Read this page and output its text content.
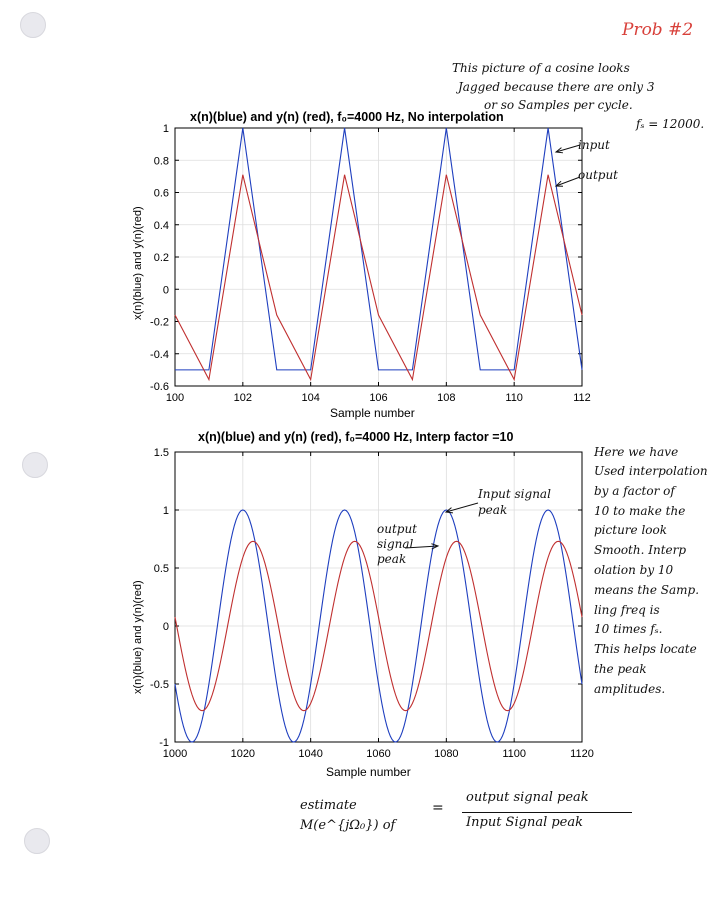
Prob #2
This picture of a cosine looks
Jagged because there are only 3
or so Samples per cycle.
fₛ = 12000.
x(n)(blue) and y(n) (red), f₀=4000 Hz, No interpolation
x(n)(blue) and y(n)(red)
Sample number
100	102	104	106	108	110	112
-0.6
-0.4
-0.2
0
0.2
0.4
0.6
0.8
1
input
output
x(n)(blue) and y(n) (red), f₀=4000 Hz, Interp factor =10
x(n)(blue) and y(n)(red)
Sample number
1000	1020	1040	1060	1080	1100	1120
-1
-0.5
0
0.5
1
1.5
Input signal peak
output signal peak
Here we have
Used interpolation
by a factor of
10 to make the
picture look
Smooth. Interp
olation by 10
means the Samp.
ling freq is
10 times fₛ.
This helps locate
the peak
amplitudes.
estimate M(e^{jΩ₀}) of
=
output signal peak
Input Signal peak
